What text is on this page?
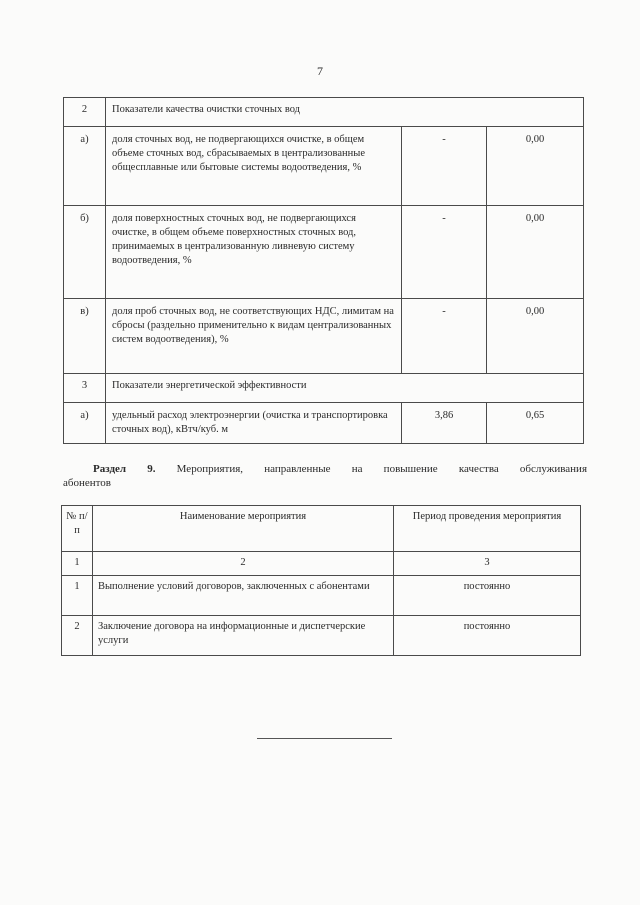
7
2	Показатели качества очистки сточных вод		
а)	доля сточных вод, не подвергающихся очистке, в общем объеме сточных вод, сбрасываемых в централизованные общесплавные или бытовые системы водоотведения, %	-	0,00
б)	доля поверхностных сточных вод, не подвергающихся очистке, в общем объеме поверхностных сточных вод, принимаемых в централизованную ливневую систему водоотведения, %	-	0,00
в)	доля проб сточных вод, не соответствующих НДС, лимитам на сбросы (раздельно применительно к видам централизованных систем водоотведения), %	-	0,00
3	Показатели энергетической эффективности		
а)	удельный расход электроэнергии (очистка и транспортировка сточных вод), кВтч/куб. м	3,86	0,65
Раздел 9. Мероприятия, направленные на повышение качества обслуживания
абонентов
№ п/п	Наименование мероприятия	Период проведения мероприятия
1	2	3
1	Выполнение условий договоров, заключенных с абонентами	постоянно
2	Заключение договора на информационные и диспетчерские услуги	постоянно
